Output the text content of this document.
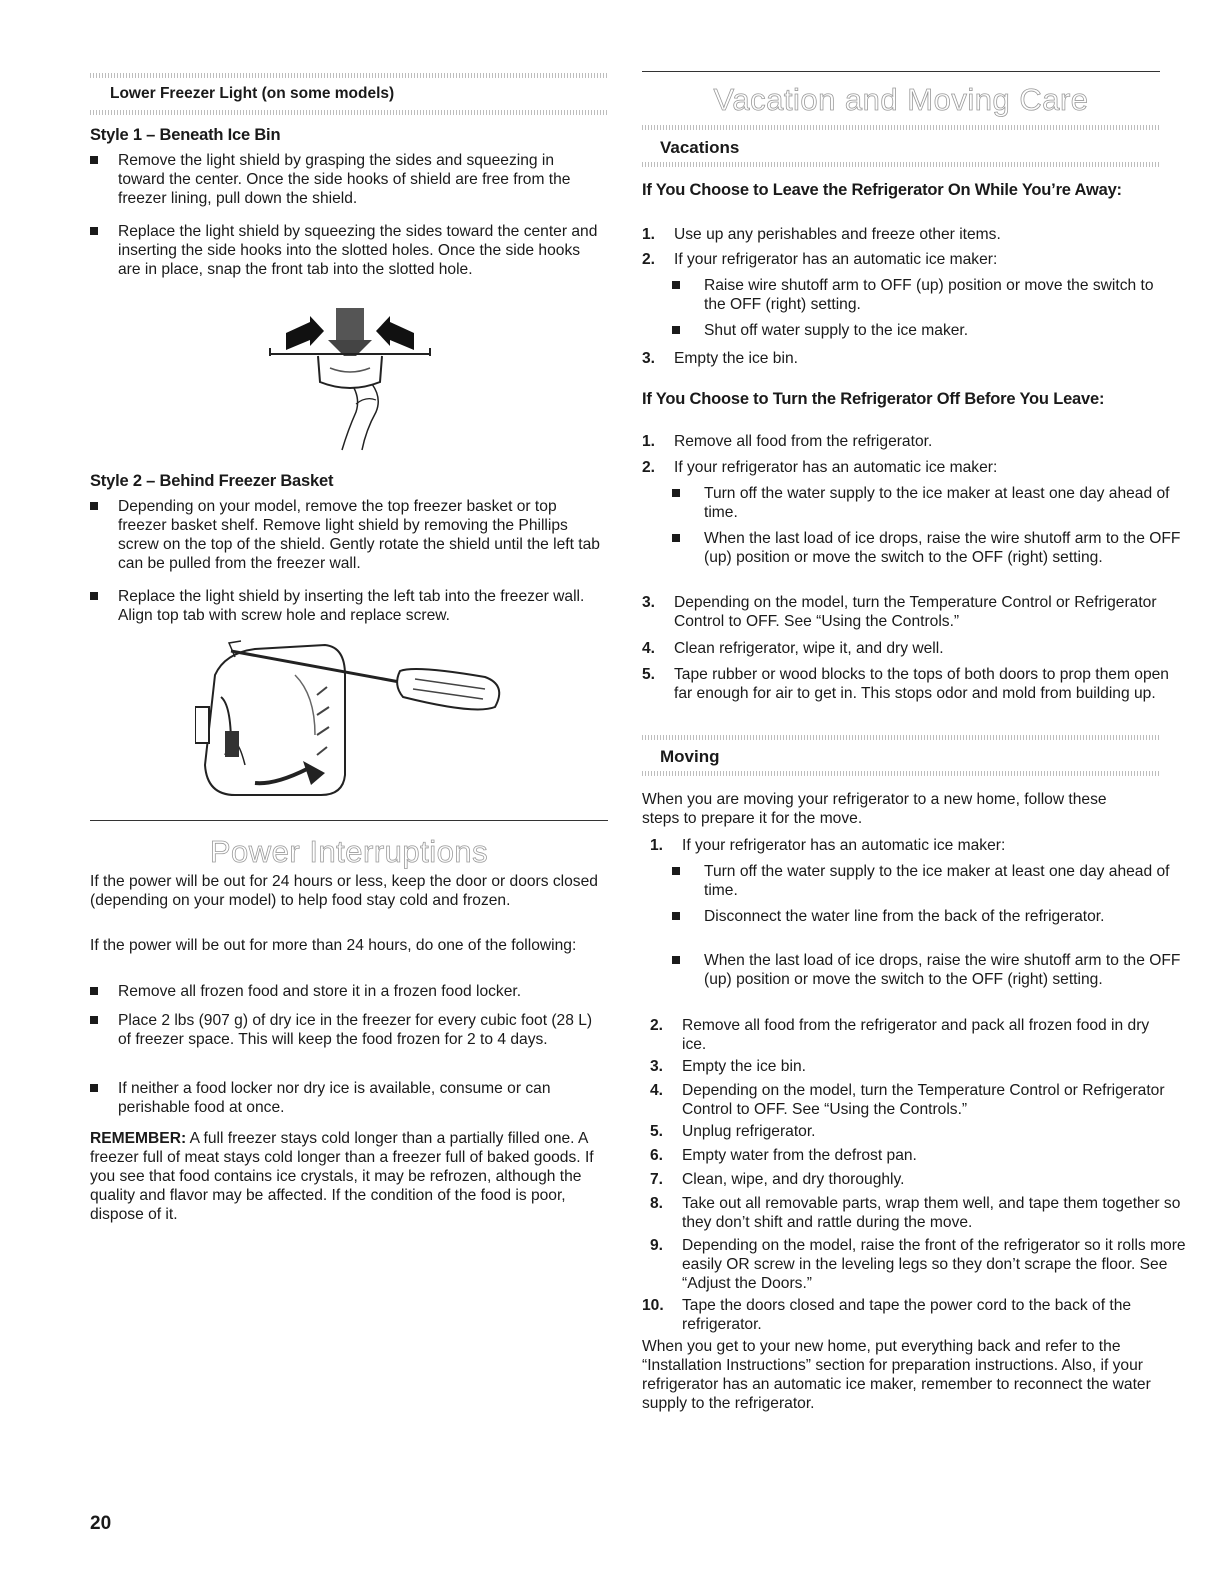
Lower Freezer Light (on some models)
Style 1 – Beneath Ice Bin
Remove the light shield by grasping the sides and squeezing in toward the center. Once the side hooks of shield are free from the freezer lining, pull down the shield.
Replace the light shield by squeezing the sides toward the center and inserting the side hooks into the slotted holes. Once the side hooks are in place, snap the front tab into the slotted hole.
Style 2 – Behind Freezer Basket
Depending on your model, remove the top freezer basket or top freezer basket shelf. Remove light shield by removing the Phillips screw on the top of the shield. Gently rotate the shield until the left tab can be pulled from the freezer wall.
Replace the light shield by inserting the left tab into the freezer wall. Align top tab with screw hole and replace screw.
Power Interruptions
If the power will be out for 24 hours or less, keep the door or doors closed (depending on your model) to help food stay cold and frozen.
If the power will be out for more than 24 hours, do one of the following:
Remove all frozen food and store it in a frozen food locker.
Place 2 lbs (907 g) of dry ice in the freezer for every cubic foot (28 L) of freezer space. This will keep the food frozen for 2 to 4 days.
If neither a food locker nor dry ice is available, consume or can perishable food at once.
REMEMBER: A full freezer stays cold longer than a partially filled one. A freezer full of meat stays cold longer than a freezer full of baked goods. If you see that food contains ice crystals, it may be refrozen, although the quality and flavor may be affected. If the condition of the food is poor, dispose of it.
20
Vacation and Moving Care
Vacations
If You Choose to Leave the Refrigerator On While You’re Away:
1. Use up any perishables and freeze other items.
2. If your refrigerator has an automatic ice maker:
Raise wire shutoff arm to OFF (up) position or move the switch to the OFF (right) setting.
Shut off water supply to the ice maker.
3. Empty the ice bin.
If You Choose to Turn the Refrigerator Off Before You Leave:
1. Remove all food from the refrigerator.
2. If your refrigerator has an automatic ice maker:
Turn off the water supply to the ice maker at least one day ahead of time.
When the last load of ice drops, raise the wire shutoff arm to the OFF (up) position or move the switch to the OFF (right) setting.
3. Depending on the model, turn the Temperature Control or Refrigerator Control to OFF. See “Using the Controls.”
4. Clean refrigerator, wipe it, and dry well.
5. Tape rubber or wood blocks to the tops of both doors to prop them open far enough for air to get in. This stops odor and mold from building up.
Moving
When you are moving your refrigerator to a new home, follow these steps to prepare it for the move.
1. If your refrigerator has an automatic ice maker:
Turn off the water supply to the ice maker at least one day ahead of time.
Disconnect the water line from the back of the refrigerator.
When the last load of ice drops, raise the wire shutoff arm to the OFF (up) position or move the switch to the OFF (right) setting.
2. Remove all food from the refrigerator and pack all frozen food in dry ice.
3. Empty the ice bin.
4. Depending on the model, turn the Temperature Control or Refrigerator Control to OFF. See “Using the Controls.”
5. Unplug refrigerator.
6. Empty water from the defrost pan.
7. Clean, wipe, and dry thoroughly.
8. Take out all removable parts, wrap them well, and tape them together so they don’t shift and rattle during the move.
9. Depending on the model, raise the front of the refrigerator so it rolls more easily OR screw in the leveling legs so they don’t scrape the floor. See “Adjust the Doors.”
10. Tape the doors closed and tape the power cord to the back of the refrigerator.
When you get to your new home, put everything back and refer to the “Installation Instructions” section for preparation instructions. Also, if your refrigerator has an automatic ice maker, remember to reconnect the water supply to the refrigerator.
